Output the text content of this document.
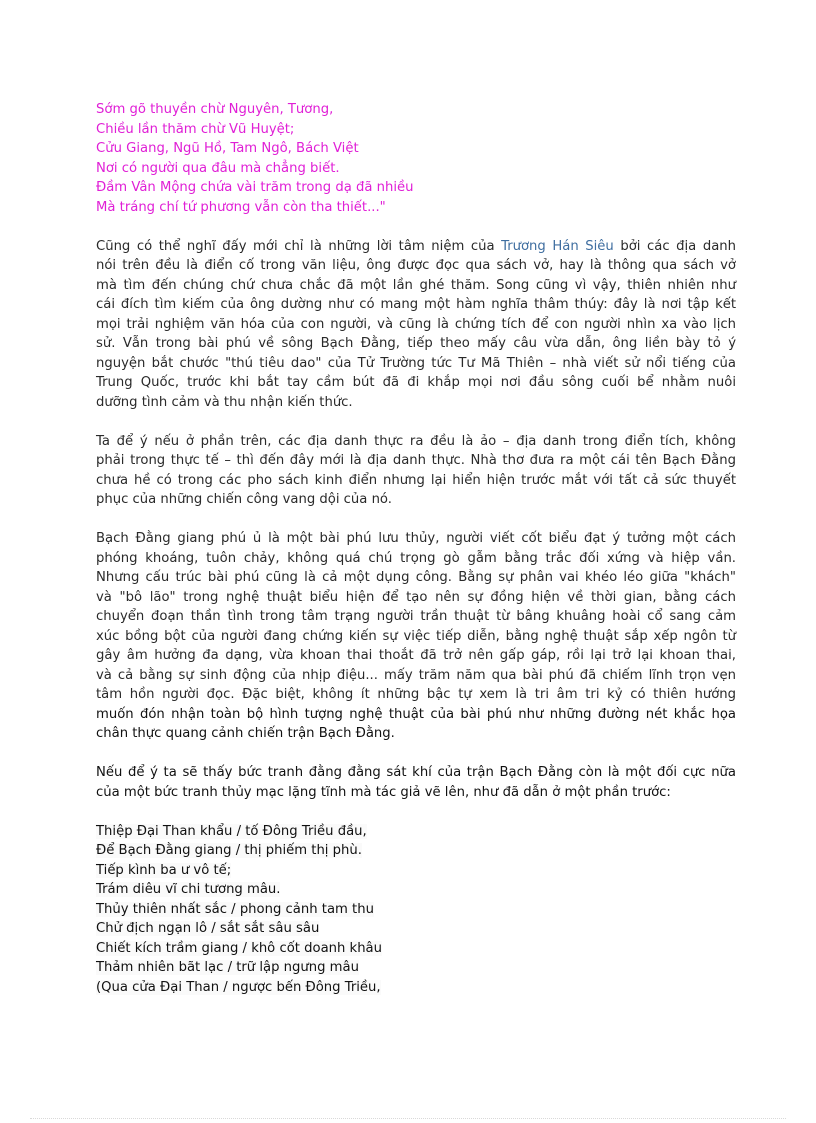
Sớm gõ thuyền chừ Nguyên, Tương,
Chiều lần thăm chừ Vũ Huyệt;
Cửu Giang, Ngũ Hồ, Tam Ngô, Bách Việt
Nơi có người qua đâu mà chẳng biết.
Đầm Vân Mộng chứa vài trăm trong dạ đã nhiều
Mà tráng chí tứ phương vẫn còn tha thiết..."
Cũng có thể nghĩ đấy mới chỉ là những lời tâm niệm của Trương Hán Siêu bởi các địa danh
nói trên đều là điển cố trong văn liệu, ông được đọc qua sách vở, hay là thông qua sách vở
mà tìm đến chúng chứ chưa chắc đã một lần ghé thăm. Song cũng vì vậy, thiên nhiên như
cái đích tìm kiếm của ông dường như có mang một hàm nghĩa thâm thúy: đây là nơi tập kết
mọi trải nghiệm văn hóa của con người, và cũng là chứng tích để con người nhìn xa vào lịch
sử. Vẫn trong bài phú về sông Bạch Đằng, tiếp theo mấy câu vừa dẫn, ông liền bày tỏ ý
nguyện bắt chước "thú tiêu dao" của Tử Trường tức Tư Mã Thiên – nhà viết sử nổi tiếng của
Trung Quốc, trước khi bắt tay cầm bút đã đi khắp mọi nơi đầu sông cuối bể nhằm nuôi
dưỡng tình cảm và thu nhận kiến thức.
Ta để ý nếu ở phần trên, các địa danh thực ra đều là ảo – địa danh trong điển tích, không
phải trong thực tế – thì đến đây mới là địa danh thực. Nhà thơ đưa ra một cái tên Bạch Đằng
chưa hề có trong các pho sách kinh điển nhưng lại hiển hiện trước mắt với tất cả sức thuyết
phục của những chiến công vang dội của nó.
Bạch Đằng giang phú ủ là một bài phú lưu thủy, người viết cốt biểu đạt ý tưởng một cách
phóng khoáng, tuôn chảy, không quá chú trọng gò gẫm bằng trắc đối xứng và hiệp vần.
Nhưng cấu trúc bài phú cũng là cả một dụng công. Bằng sự phân vai khéo léo giữa "khách"
và "bô lão" trong nghệ thuật biểu hiện để tạo nên sự đồng hiện về thời gian, bằng cách
chuyển đoạn thần tình trong tâm trạng người trần thuật từ bâng khuâng hoài cổ sang cảm
xúc bồng bột của người đang chứng kiến sự việc tiếp diễn, bằng nghệ thuật sắp xếp ngôn từ
gây âm hưởng đa dạng, vừa khoan thai thoắt đã trở nên gấp gáp, rồi lại trở lại khoan thai,
và cả bằng sự sinh động của nhịp điệu... mấy trăm năm qua bài phú đã chiếm lĩnh trọn vẹn
tâm hồn người đọc. Đặc biệt, không ít những bậc tự xem là tri âm tri kỷ có thiên hướng
muốn đón nhận toàn bộ hình tượng nghệ thuật của bài phú như những đường nét khắc họa
chân thực quang cảnh chiến trận Bạch Đằng.
Nếu để ý ta sẽ thấy bức tranh đằng đằng sát khí của trận Bạch Đằng còn là một đối cực nữa
của một bức tranh thủy mạc lặng tĩnh mà tác giả vẽ lên, như đã dẫn ở một phần trước:
Thiệp Đại Than khẩu / tố Đông Triều đầu,
Để Bạch Đằng giang / thị phiếm thị phù.
Tiếp kình ba ư vô tế;
Trám diêu vĩ chi tương mâu.
Thủy thiên nhất sắc / phong cảnh tam thu
Chử địch ngạn lô / sắt sắt sâu sâu
Chiết kích trầm giang / khô cốt doanh khâu
Thảm nhiên bãt lạc / trữ lập ngưng mâu
(Qua cửa Đại Than / ngược bến Đông Triều,
